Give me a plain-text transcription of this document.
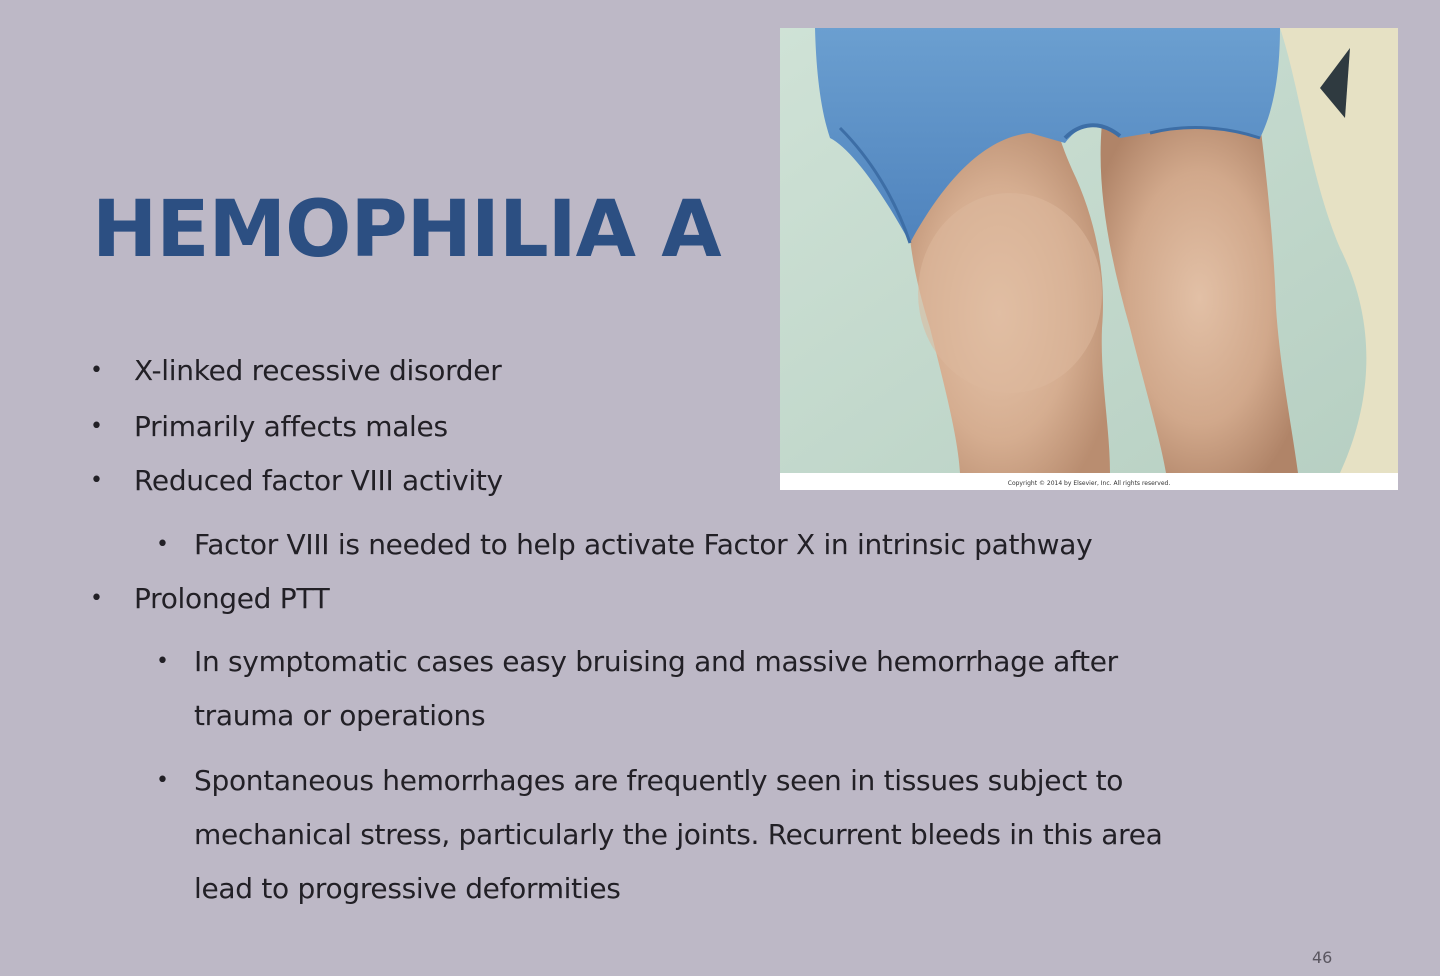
HEMOPHILIA A
Copyright © 2014 by Elsevier, Inc. All rights reserved.
• X-linked recessive disorder
• Primarily affects males
• Reduced factor VIII activity
• Factor VIII is needed to help activate Factor X in intrinsic pathway
• Prolonged PTT
• In symptomatic cases easy bruising and massive hemorrhage after trauma or operations
• Spontaneous hemorrhages are frequently seen in tissues subject to mechanical stress, particularly the joints. Recurrent bleeds in this area lead to progressive deformities
46
